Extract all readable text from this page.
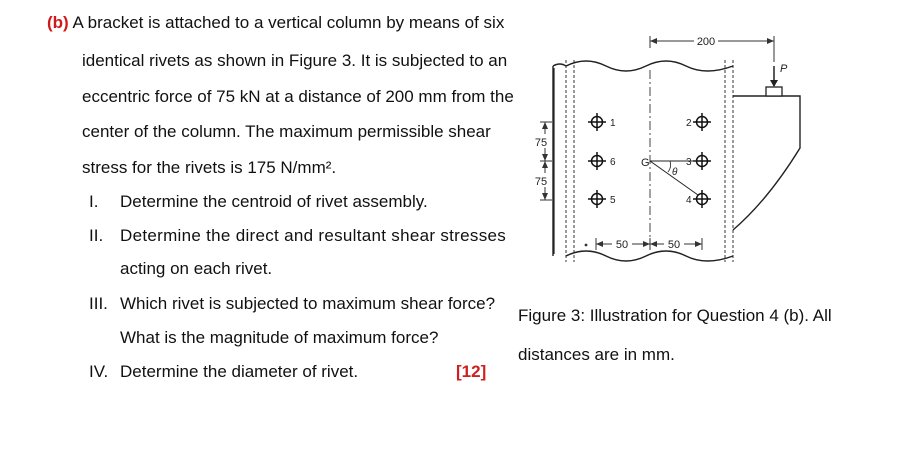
(b) A bracket is attached to a vertical column by means of six
identical rivets as shown in Figure 3. It is subjected to an
eccentric force of 75 kN at a distance of 200 mm from the
center of the column. The maximum permissible shear
stress for the rivets is 175 N/mm².
I. Determine the centroid of rivet assembly.
II. Determine the direct and resultant shear stresses
acting on each rivet.
III. Which rivet is subjected to maximum shear force?
What is the magnitude of maximum force?
IV. Determine the diameter of rivet.	[12]
P
200
75
75
50	50
θ
G
1	2
3
4
5
6
Figure 3: Illustration for Question 4 (b). All
distances are in mm.
